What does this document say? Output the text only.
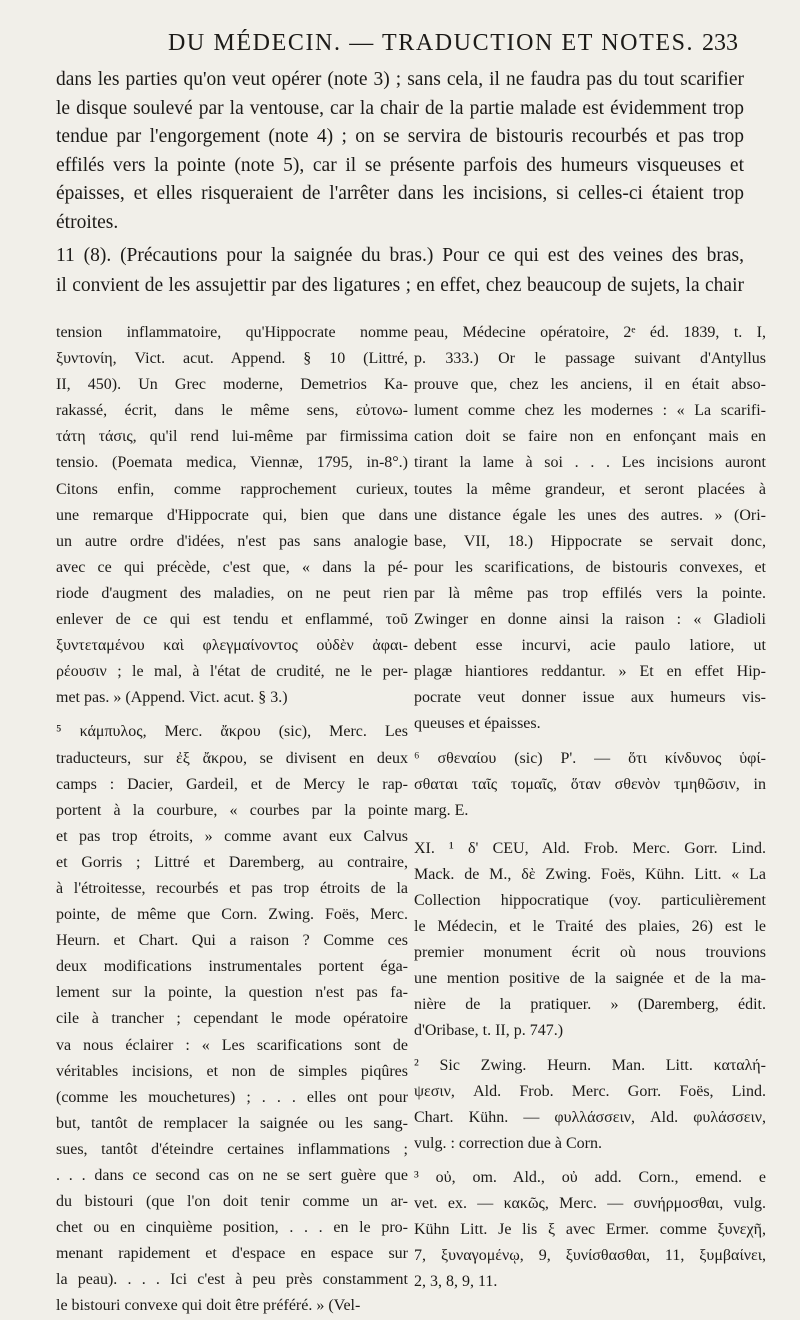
DU MÉDECIN. — TRADUCTION ET NOTES. 233
dans les parties qu'on veut opérer (note 3) ; sans cela, il ne faudra pas du tout scarifier
le disque soulevé par la ventouse, car la chair de la partie malade est évidemment trop
tendue par l'engorgement (note 4) ; on se servira de bistouris recourbés et pas trop
effilés vers la pointe (note 5), car il se présente parfois des humeurs visqueuses et
épaisses, et elles risqueraient de l'arrêter dans les incisions, si celles-ci étaient trop
étroites.
11 (8). (Précautions pour la saignée du bras.) Pour ce qui est des veines des bras,
il convient de les assujettir par des ligatures ; en effet, chez beaucoup de sujets, la chair
tension inflammatoire, qu'Hippocrate nomme
ξυντονίη, Vict. acut. Append. § 10 (Littré,
II, 450). Un Grec moderne, Demetrios Ka-
rakassé, écrit, dans le même sens, εὐτονω-
τάτη τάσις, qu'il rend lui-même par firmissima
tensio. (Poemata medica, Viennæ, 1795, in-8°.)
Citons enfin, comme rapprochement curieux,
une remarque d'Hippocrate qui, bien que dans
un autre ordre d'idées, n'est pas sans analogie
avec ce qui précède, c'est que, « dans la pé-
riode d'augment des maladies, on ne peut rien
enlever de ce qui est tendu et enflammé, τοῦ
ξυντεταμένου καὶ φλεγμαίνοντος οὐδὲν ἀφαι-
ρέουσιν ; le mal, à l'état de crudité, ne le per-
met pas. » (Append. Vict. acut. § 3.)
⁵ κάμπυλος, Merc. ἄκρου (sic), Merc. Les
traducteurs, sur ἐξ ἄκρου, se divisent en deux
camps : Dacier, Gardeil, et de Mercy le rap-
portent à la courbure, « courbes par la pointe
et pas trop étroits, » comme avant eux Calvus
et Gorris ; Littré et Daremberg, au contraire,
à l'étroitesse, recourbés et pas trop étroits de la
pointe, de même que Corn. Zwing. Foës, Merc.
Heurn. et Chart. Qui a raison ? Comme ces
deux modifications instrumentales portent éga-
lement sur la pointe, la question n'est pas fa-
cile à trancher ; cependant le mode opératoire
va nous éclairer : « Les scarifications sont de
véritables incisions, et non de simples piqûres
(comme les mouchetures) ; . . . elles ont pour
but, tantôt de remplacer la saignée ou les sang-
sues, tantôt d'éteindre certaines inflammations ;
. . . dans ce second cas on ne se sert guère que
du bistouri (que l'on doit tenir comme un ar-
chet ou en cinquième position, . . . en le pro-
menant rapidement et d'espace en espace sur
la peau). . . . Ici c'est à peu près constamment
le bistouri convexe qui doit être préféré. » (Vel-
peau, Médecine opératoire, 2ᵉ éd. 1839, t. I,
p. 333.) Or le passage suivant d'Antyllus
prouve que, chez les anciens, il en était abso-
lument comme chez les modernes : « La scarifi-
cation doit se faire non en enfonçant mais en
tirant la lame à soi . . . Les incisions auront
toutes la même grandeur, et seront placées à
une distance égale les unes des autres. » (Ori-
base, VII, 18.) Hippocrate se servait donc,
pour les scarifications, de bistouris convexes, et
par là même pas trop effilés vers la pointe.
Zwinger en donne ainsi la raison : « Gladioli
debent esse incurvi, acie paulo latiore, ut
plagæ hiantiores reddantur. » Et en effet Hip-
pocrate veut donner issue aux humeurs vis-
queuses et épaisses.
⁶ σθεναίου (sic) P'. — ὅτι κίνδυνος ὑφί-
σθαται ταῖς τομαῖς, ὅταν σθενὸν τμηθῶσιν, in
marg. E.
XI. ¹ δ' CEU, Ald. Frob. Merc. Gorr. Lind.
Mack. de M., δὲ Zwing. Foës, Kühn. Litt. « La
Collection hippocratique (voy. particulièrement
le Médecin, et le Traité des plaies, 26) est le
premier monument écrit où nous trouvions
une mention positive de la saignée et de la ma-
nière de la pratiquer. » (Daremberg, édit.
d'Oribase, t. II, p. 747.)
² Sic Zwing. Heurn. Man. Litt. καταλή-
ψεσιν, Ald. Frob. Merc. Gorr. Foës, Lind.
Chart. Kühn. — φυλλάσσειν, Ald. φυλάσσειν,
vulg. : correction due à Corn.
³ οὐ, om. Ald., οὐ add. Corn., emend. e
vet. ex. — κακῶς, Merc. — συνήρμοσθαι, vulg.
Kühn Litt. Je lis ξ avec Ermer. comme ξυνεχῆ,
7, ξυναγομένῳ, 9, ξυνίσθασθαι, 11, ξυμβαίνει,
2, 3, 8, 9, 11.
